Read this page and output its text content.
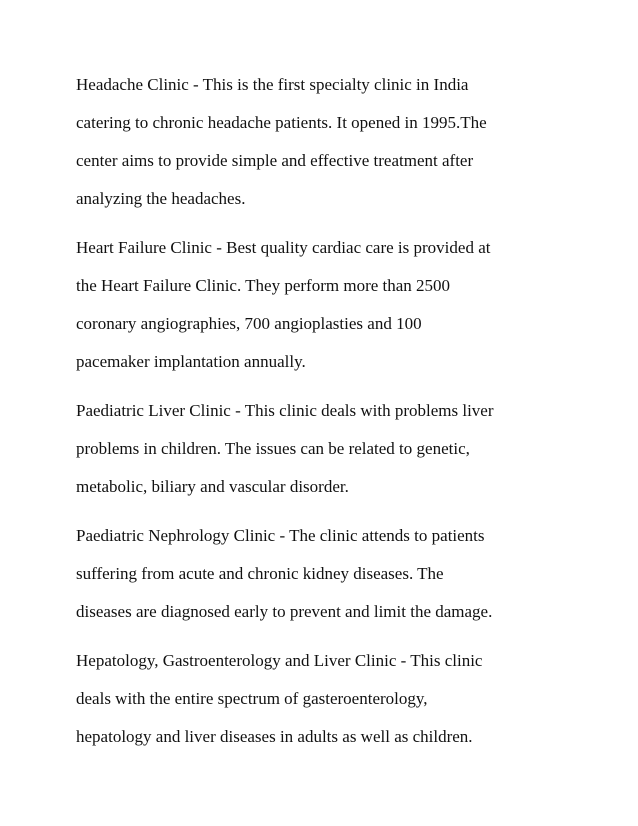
Headache Clinic - This is the first specialty clinic in India
catering to chronic headache patients. It opened in 1995.The
center aims to provide simple and effective treatment after
analyzing the headaches.

Heart Failure Clinic - Best quality cardiac care is provided at
the Heart Failure Clinic. They perform more than 2500
coronary angiographies, 700 angioplasties and 100
pacemaker implantation annually.

Paediatric Liver Clinic - This clinic deals with problems liver
problems in children. The issues can be related to genetic,
metabolic, biliary and vascular disorder.

Paediatric Nephrology Clinic - The clinic attends to patients
suffering from acute and chronic kidney diseases. The
diseases are diagnosed early to prevent and limit the damage.

Hepatology, Gastroenterology and Liver Clinic - This clinic
deals with the entire spectrum of gasteroenterology,
hepatology and liver diseases in adults as well as children.
